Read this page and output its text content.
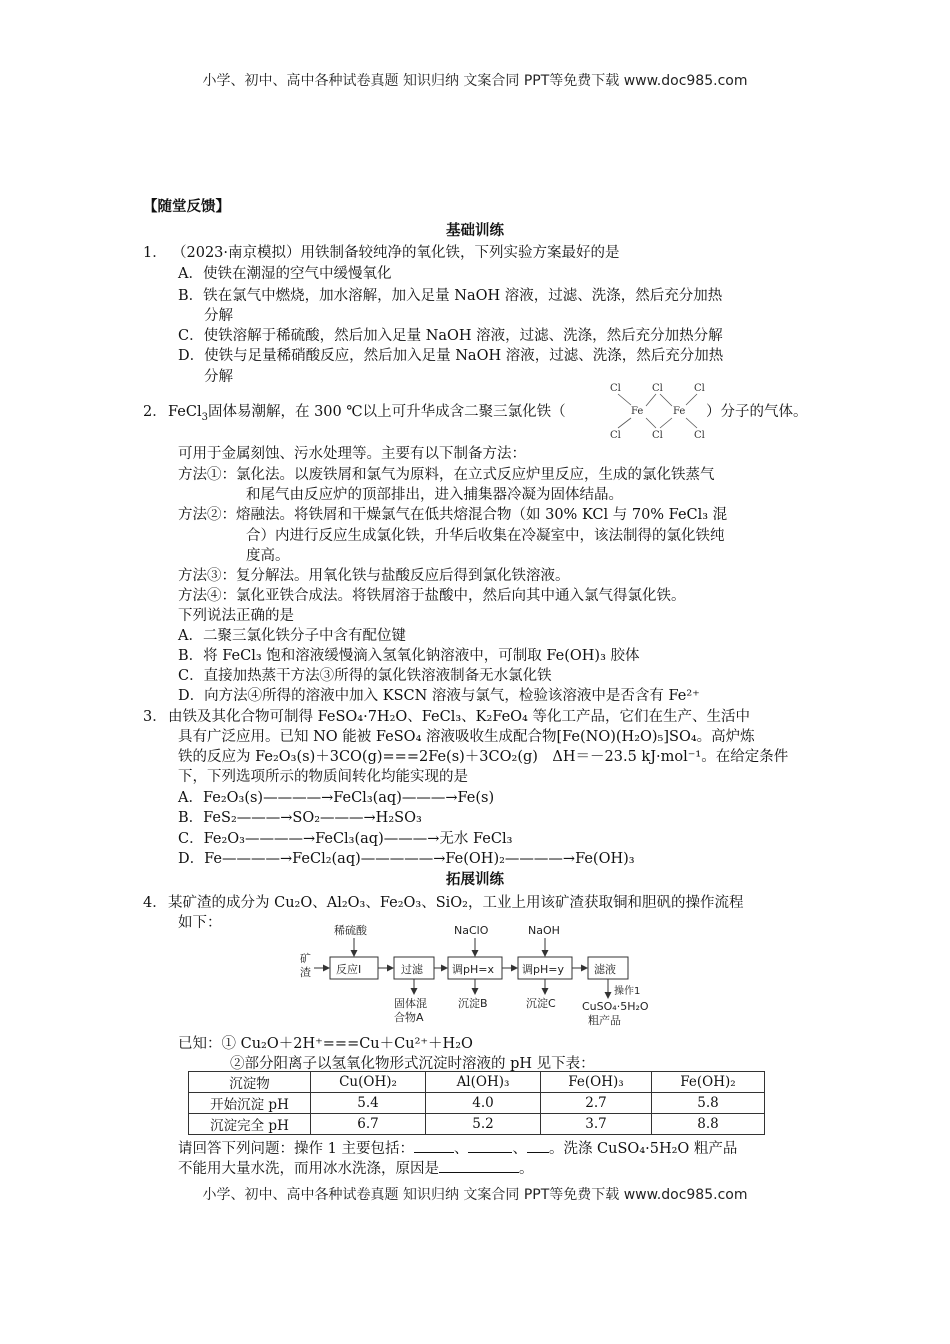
小学、初中、高中各种试卷真题 知识归纳 文案合同 PPT等免费下载 www.doc985.com
【随堂反馈】
基础训练
1． （2023·南京模拟）用铁制备较纯净的氧化铁，下列实验方案最好的是
A．使铁在潮湿的空气中缓慢氧化
B．铁在氯气中燃烧，加水溶解，加入足量 NaOH 溶液，过滤、洗涤，然后充分加热
分解
C．使铁溶解于稀硫酸，然后加入足量 NaOH 溶液，过滤、洗涤，然后充分加热分解
D．使铁与足量稀硝酸反应，然后加入足量 NaOH 溶液，过滤、洗涤，然后充分加热
分解
2． FeCl$_3$固体易潮解，在 300 ℃以上可升华成含二聚三氯化铁（
Cl	Cl	Cl
Fe	Fe
Cl	Cl	Cl
）分子的气体。
可用于金属刻蚀、污水处理等。主要有以下制备方法：
方法①：氯化法。以废铁屑和氯气为原料，在立式反应炉里反应，生成的氯化铁蒸气
和尾气由反应炉的顶部排出，进入捕集器冷凝为固体结晶。
方法②：熔融法。将铁屑和干燥氯气在低共熔混合物（如 30% KCl 与 70% FeCl₃ 混
合）内进行反应生成氯化铁，升华后收集在冷凝室中，该法制得的氯化铁纯
度高。
方法③：复分解法。用氧化铁与盐酸反应后得到氯化铁溶液。
方法④：氯化亚铁合成法。将铁屑溶于盐酸中，然后向其中通入氯气得氯化铁。
下列说法正确的是
A．二聚三氯化铁分子中含有配位键
B．将 FeCl₃ 饱和溶液缓慢滴入氢氧化钠溶液中，可制取 Fe(OH)₃ 胶体
C．直接加热蒸干方法③所得的氯化铁溶液制备无水氯化铁
D．向方法④所得的溶液中加入 KSCN 溶液与氯气，检验该溶液中是否含有 Fe²⁺
3． 由铁及其化合物可制得 FeSO₄·7H₂O、FeCl₃、K₂FeO₄ 等化工产品，它们在生产、生活中
具有广泛应用。已知 NO 能被 FeSO₄ 溶液吸收生成配合物[Fe(NO)(H₂O)₅]SO₄。高炉炼
铁的反应为 Fe₂O₃(s)＋3CO(g)===2Fe(s)＋3CO₂(g)　ΔH＝－23.5 kJ·mol⁻¹。在给定条件
下，下列选项所示的物质间转化均能实现的是
A．Fe₂O₃(s)————→FeCl₃(aq)———→Fe(s)
B．FeS₂———→SO₂———→H₂SO₃
C．Fe₂O₃————→FeCl₃(aq)———→无水 FeCl₃
D．Fe————→FeCl₂(aq)—————→Fe(OH)₂————→Fe(OH)₃
拓展训练
4． 某矿渣的成分为 Cu₂O、Al₂O₃、Fe₂O₃、SiO₂，工业上用该矿渣获取铜和胆矾的操作流程
如下：
矿
渣
稀硫酸	NaClO	NaOH
反应Ⅰ	过滤	调pH=x	调pH=y	滤液
固体混
合物A
沉淀B	沉淀C
操作1
CuSO₄·5H₂O
粗产品
已知：① Cu₂O＋2H⁺===Cu＋Cu²⁺＋H₂O
②部分阳离子以氢氧化物形式沉淀时溶液的 pH 见下表：
沉淀物	Cu(OH)₂	Al(OH)₃	Fe(OH)₃	Fe(OH)₂
开始沉淀 pH	5.4	4.0	2.7	5.8
沉淀完全 pH	6.7	5.2	3.7	8.8
请回答下列问题：操作 1 主要包括：	、	、 。洗涤 CuSO₄·5H₂O 粗产品
不能用大量水洗，而用冰水洗涤，原因是	。
小学、初中、高中各种试卷真题 知识归纳 文案合同 PPT等免费下载 www.doc985.com
